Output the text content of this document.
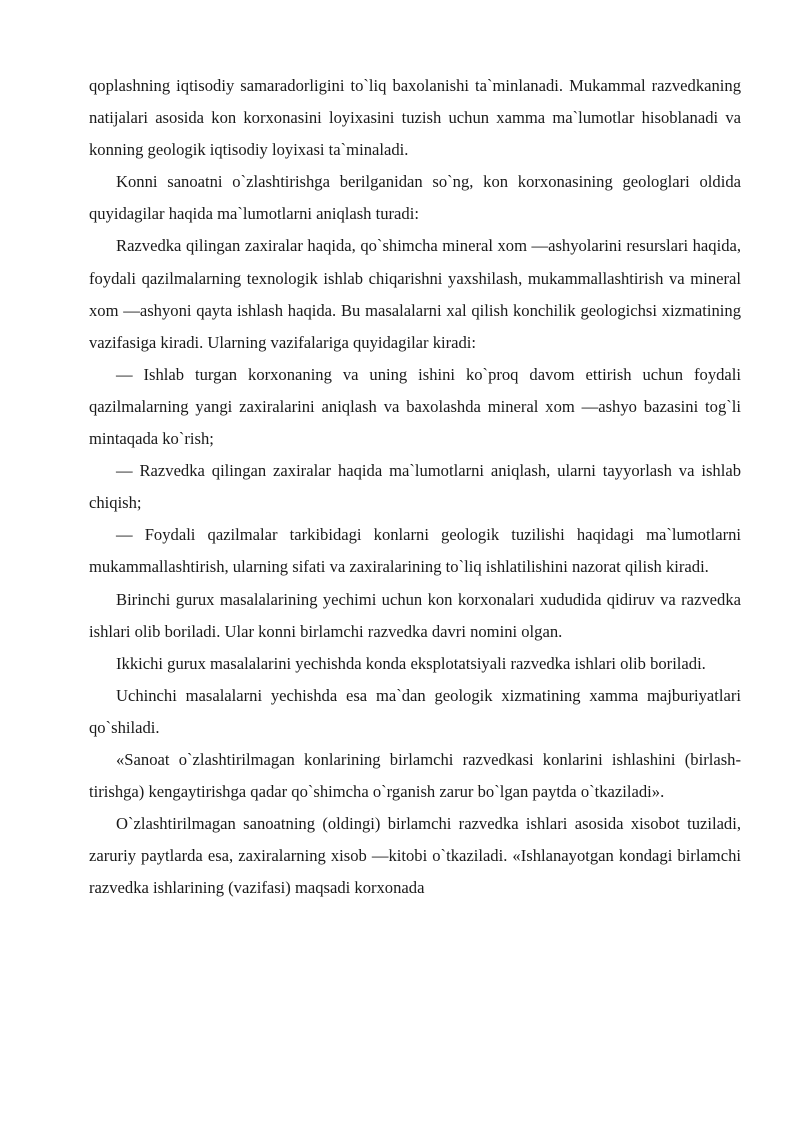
qoplashning iqtisodiy samaradorligini to`liq baxolanishi ta`minlanadi. Mukammal razvedkaning natijalari asosida kon korxonasini loyixasini tuzish uchun xamma ma`lumotlar hisoblanadi va konning geologik iqtisodiy loyixasi ta`minaladi.

Konni sanoatni o`zlashtirishga berilganidan so`ng, kon korxonasining geologlari oldida quyidagilar haqida ma`lumotlarni aniqlash turadi:

Razvedka qilingan zaxiralar haqida, qo`shimcha mineral xom —ashyolarini resurslari haqida, foydali qazilmalarning texnologik ishlab chiqarishni yaxshilash, mukammallashtirish va mineral xom —ashyoni qayta ishlash haqida. Bu masalalarni xal qilish konchilik geologichsi xizmatining vazifasiga kiradi. Ularning vazifalariga quyidagilar kiradi:

— Ishlab turgan korxonaning va uning ishini ko`proq davom ettirish uchun foydali qazilmalarning yangi zaxiralarini aniqlash va baxolashda mineral xom —ashyo bazasini tog`li mintaqada ko`rish;

— Razvedka qilingan zaxiralar haqida ma`lumotlarni aniqlash, ularni tayyorlash va ishlab chiqish;

— Foydali qazilmalar tarkibidagi konlarni geologik tuzilishi haqidagi ma`lumotlarni mukammallashtirish, ularning sifati va zaxiralarining to`liq ishlatilishini nazorat qilish kiradi.

Birinchi gurux masalalarining yechimi uchun kon korxonalari xududida qidiruv va razvedka ishlari olib boriladi. Ular konni birlamchi razvedka davri nomini olgan.

Ikkichi gurux masalalarini yechishda konda eksplotatsiyali razvedka ishlari olib boriladi.

Uchinchi masalalarni yechishda esa ma`dan geologik xizmatining xamma majburiyatlari qo`shiladi.

«Sanoat o`zlashtirilmagan konlarining birlamchi razvedkasi konlarini ishlashini (birlash-tirishga) kengaytirishga qadar qo`shimcha o`rganish zarur bo`lgan paytda o`tkaziladi».

O`zlashtirilmagan sanoatning (oldingi) birlamchi razvedka ishlari asosida xisobot tuziladi, zaruriy paytlarda esa, zaxiralarning xisob —kitobi o`tkaziladi. «Ishlanayotgan kondagi birlamchi razvedka ishlarining (vazifasi) maqsadi korxonada
